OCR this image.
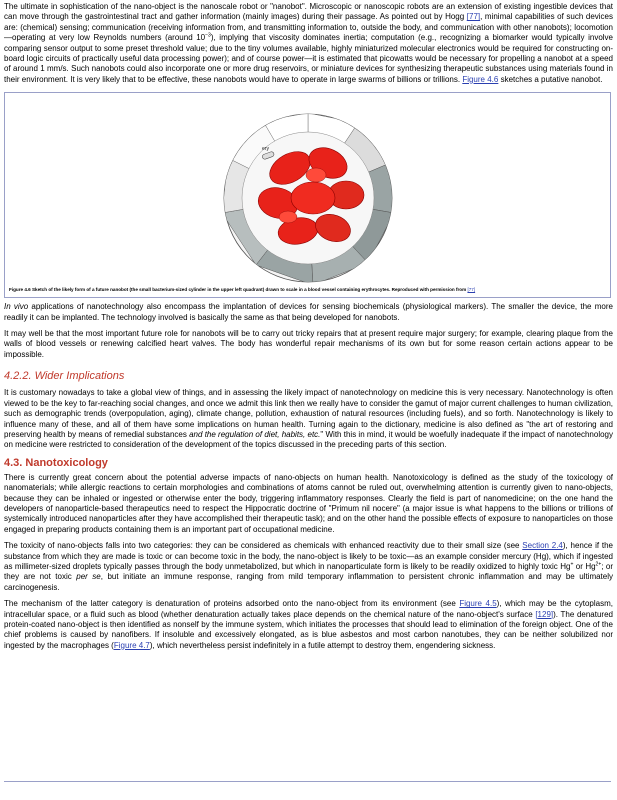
The ultimate in sophistication of the nano-object is the nanoscale robot or "nanobot". Microscopic or nanoscopic robots are an extension of existing ingestible devices that can move through the gastrointestinal tract and gather information (mainly images) during their passage. As pointed out by Hogg [77], minimal capabilities of such devices are: (chemical) sensing; communication (receiving information from, and transmitting information to, outside the body, and communication with other nanobots); locomotion—operating at very low Reynolds numbers (around $10^{-3}$), implying that viscosity dominates inertia; computation (e.g., recognizing a biomarker would typically involve comparing sensor output to some preset threshold value; due to the tiny volumes available, highly miniaturized molecular electronics would be required for constructing on-board logic circuits of practically useful data processing power); and of course power—it is estimated that picowatts would be necessary for propelling a nanobot at a speed of around 1 mm/s. Such nanobots could also incorporate one or more drug reservoirs, or miniature devices for synthesizing therapeutic substances using materials found in their environment. It is very likely that to be effective, these nanobots would have to operate in large swarms of billions or trillions. Figure 4.6 sketches a putative nanobot.

ery
Figure 4.6 Sketch of the likely form of a future nanobot (the small bacterium-sized cylinder in the upper left quadrant) drawn to scale in a blood vessel containing erythrocytes. Reproduced with permission from [77]

In vivo applications of nanotechnology also encompass the implantation of devices for sensing biochemicals (physiological markers). The smaller the device, the more readily it can be implanted. The technology involved is basically the same as that being developed for nanobots.

It may well be that the most important future role for nanobots will be to carry out tricky repairs that at present require major surgery; for example, clearing plaque from the walls of blood vessels or renewing calcified heart valves. The body has wonderful repair mechanisms of its own but for some reason certain actions appear to be impossible.

4.2.2. Wider Implications

It is customary nowadays to take a global view of things, and in assessing the likely impact of nanotechnology on medicine this is very necessary. Nanotechnology is often viewed to be the key to far-reaching social changes, and once we admit this link then we really have to consider the gamut of major current challenges to human civilization, such as demographic trends (overpopulation, aging), climate change, pollution, exhaustion of natural resources (including fuels), and so forth. Nanotechnology is likely to influence many of these, and all of them have some implications on human health. Turning again to the dictionary, medicine is also defined as "the art of restoring and preserving health by means of remedial substances and the regulation of diet, habits, etc." With this in mind, it would be woefully inadequate if the impact of nanotechnology on medicine were restricted to consideration of the development of the topics discussed in the preceding parts of this section.

4.3. Nanotoxicology

There is currently great concern about the potential adverse impacts of nano-objects on human health. Nanotoxicology is defined as the study of the toxicology of nanomaterials; while allergic reactions to certain morphologies and combinations of atoms cannot be ruled out, overwhelming attention is currently given to nano-objects, because they can be inhaled or ingested or otherwise enter the body, triggering inflammatory responses. Clearly the field is part of nanomedicine; on the one hand the developers of nanoparticle-based therapeutics need to respect the Hippocratic doctrine of "Primum nil nocere" (a major issue is what happens to the billions or trillions of systemically introduced nanoparticles after they have accomplished their therapeutic task); and on the other hand the possible effects of exposure to nanoparticles on those engaged in preparing products containing them is an important part of occupational medicine.

The toxicity of nano-objects falls into two categories: they can be considered as chemicals with enhanced reactivity due to their small size (see Section 2.4), hence if the substance from which they are made is toxic or can become toxic in the body, the nano-object is likely to be toxic—as an example consider mercury (Hg), which if ingested as millimeter-sized droplets typically passes through the body unmetabolized, but which in nanoparticulate form is likely to be readily oxidized to highly toxic Hg+ or $Hg^{2+}$; or they are not toxic per se, but initiate an immune response, ranging from mild temporary inflammation to persistent chronic inflammation and may be ultimately carcinogenesis.

The mechanism of the latter category is denaturation of proteins adsorbed onto the nano-object from its environment (see Figure 4.5), which may be the cytoplasm, intracellular space, or a fluid such as blood (whether denaturation actually takes place depends on the chemical nature of the nano-object's surface [129]). The denatured protein-coated nano-object is then identified as nonself by the immune system, which initiates the processes that should lead to elimination of the foreign object. One of the chief problems is caused by nanofibers. If insoluble and excessively elongated, as is blue asbestos and most carbon nanotubes, they can be neither solubilized nor ingested by the macrophages (Figure 4.7), which nevertheless persist indefinitely in a futile attempt to destroy them, engendering sickness.
